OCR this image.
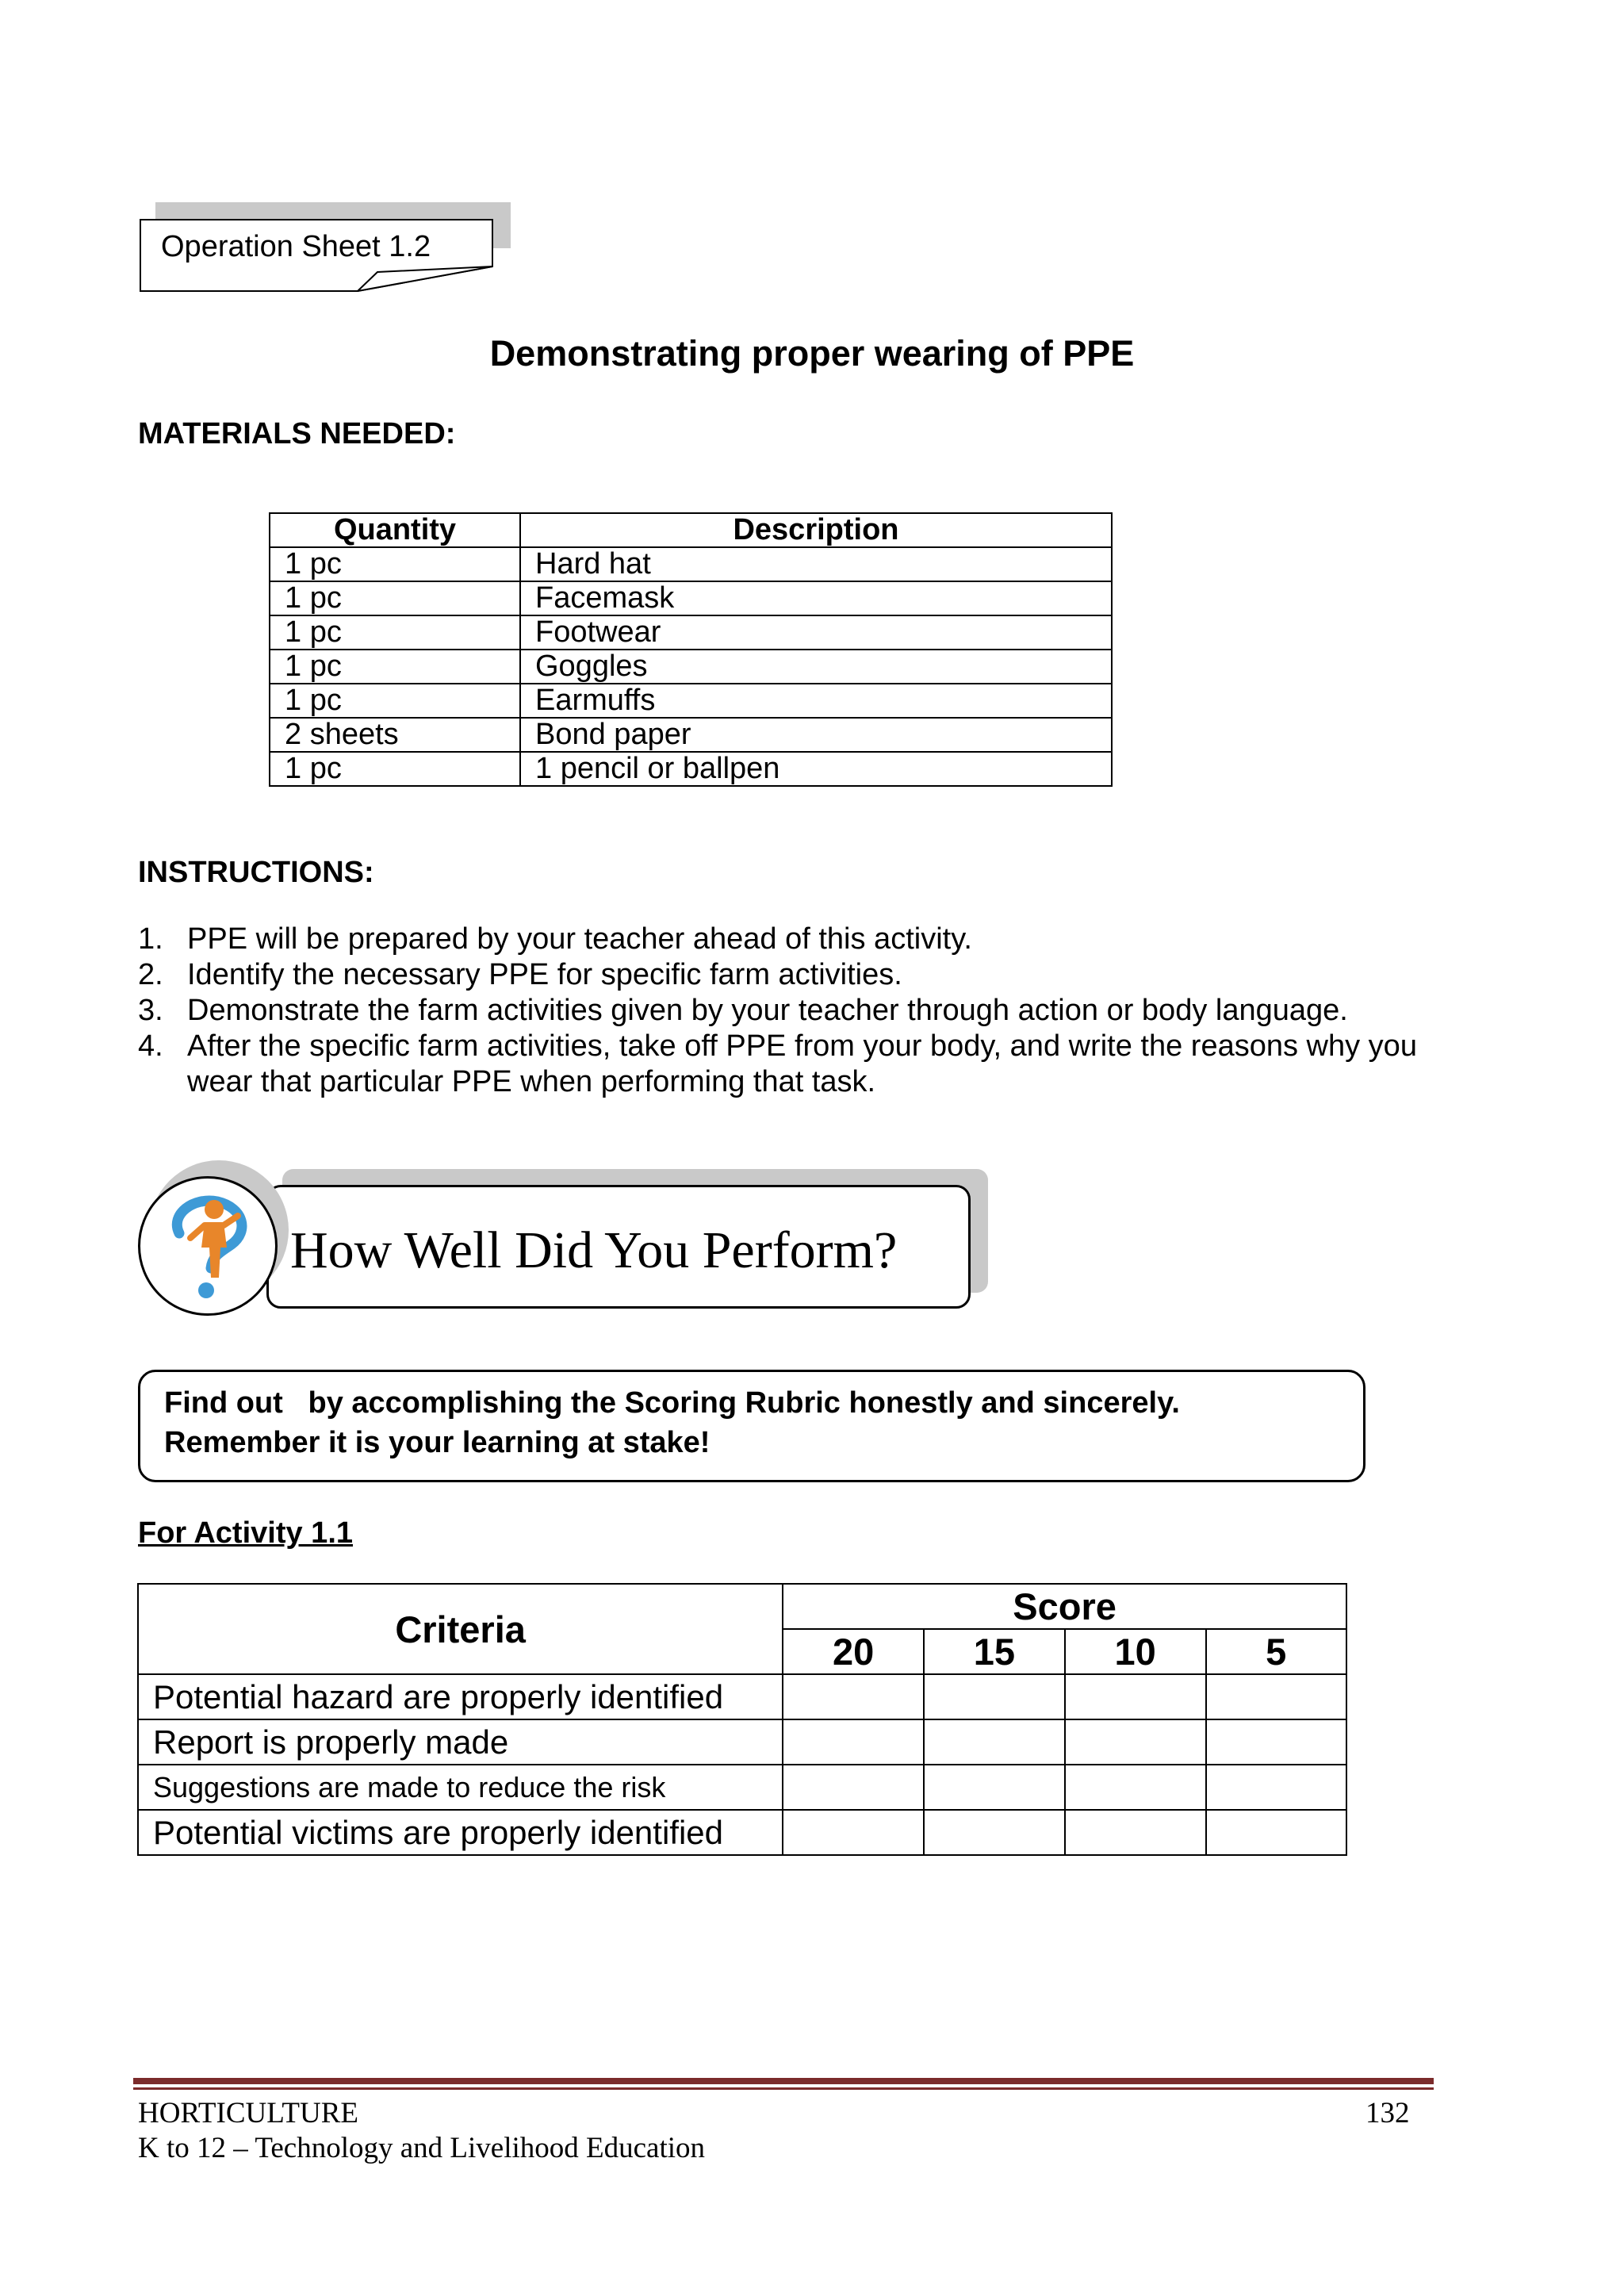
Operation Sheet 1.2
Demonstrating proper wearing of PPE
MATERIALS NEEDED:
Quantity	Description
1 pc	Hard hat
1 pc	Facemask
1 pc	Footwear
1 pc	Goggles
1 pc	Earmuffs
2 sheets	Bond paper
1 pc	1 pencil or ballpen
INSTRUCTIONS:
1. PPE will be prepared by your teacher ahead of this activity.
2. Identify the necessary PPE for specific farm activities.
3. Demonstrate the farm activities given by your teacher through action or body language.
4. After the specific farm activities, take off PPE from your body, and write the reasons why you wear that particular PPE when performing that task.
How Well Did You Perform?
Find out   by accomplishing the Scoring Rubric honestly and sincerely.
Remember it is your learning at stake!
For Activity 1.1
Criteria	Score			
	20	15	10	5
Potential hazard are properly identified				
Report is properly made				
Suggestions are made to reduce the risk				
Potential victims are properly identified				
HORTICULTURE	132
K to 12 – Technology and Livelihood Education
